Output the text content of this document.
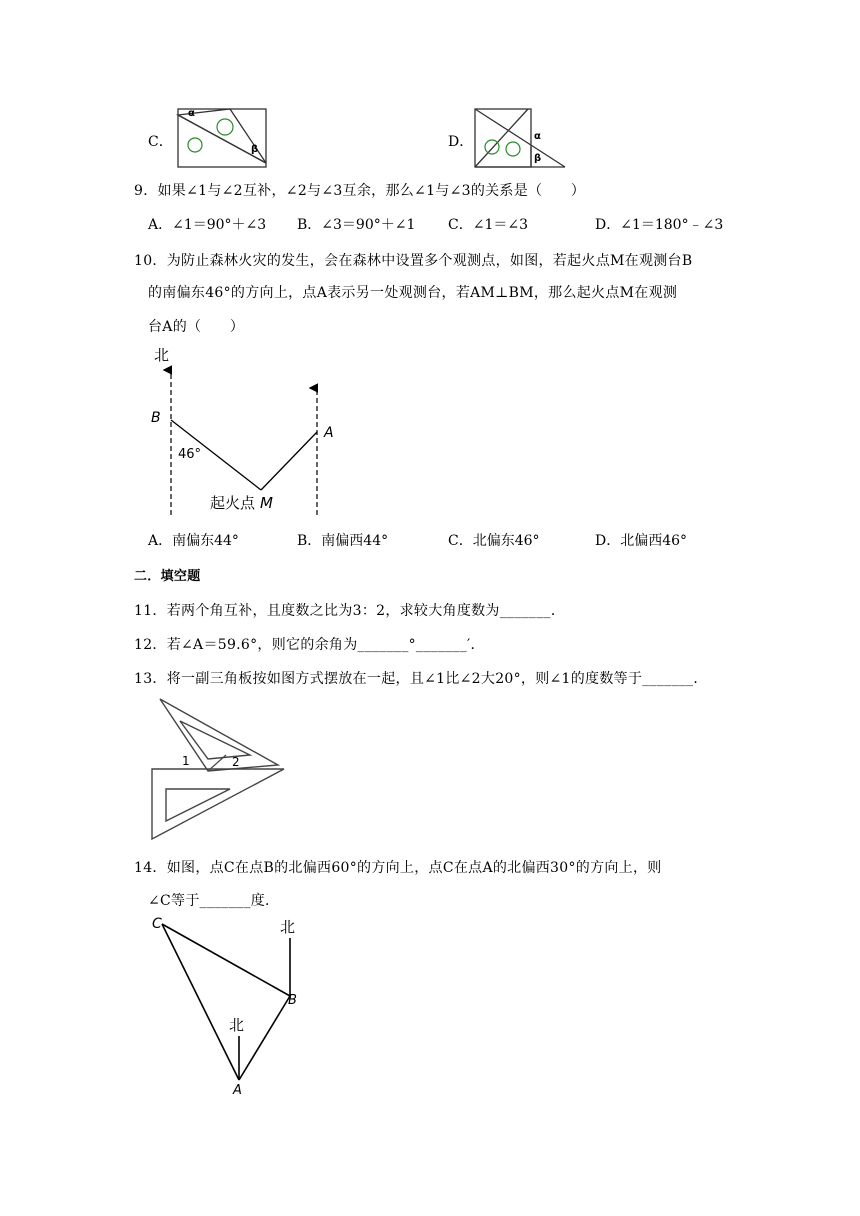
C．
α
β	D．	α
β
9．如果∠1与∠2互补，∠2与∠3互余，那么∠1与∠3的关系是（　　）
A．∠1＝90°＋∠3 B．∠3＝90°＋∠1 C．∠1＝∠3	D．∠1＝180°﹣∠3
10．为防止森林火灾的发生，会在森林中设置多个观测点，如图，若起火点M在观测台B
的南偏东46°的方向上，点A表示另一处观测台，若AM⊥BM，那么起火点M在观测
台A的（　　）
北
B
A
46°
起火点 M
A．南偏东44°	B．南偏西44°	C．北偏东46°	D．北偏西46°
二．填空题
11．若两个角互补，且度数之比为3：2，求较大角度数为_______．
12．若∠A＝59.6°，则它的余角为_______°_______′．
13．将一副三角板按如图方式摆放在一起，且∠1比∠2大20°，则∠1的度数等于_______．
1	2
14．如图，点C在点B的北偏西60°的方向上，点C在点A的北偏西30°的方向上，则
∠C等于_______度．
C
B
A
北
北
